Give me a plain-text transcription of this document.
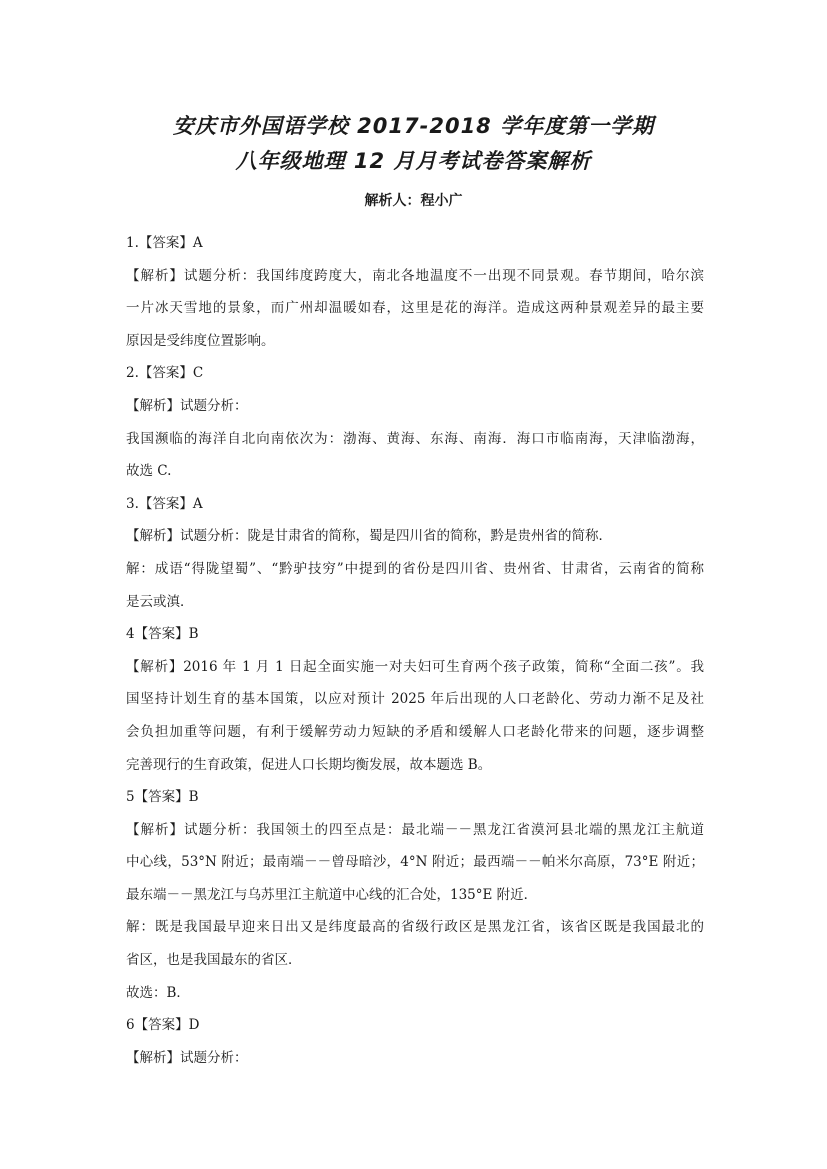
安庆市外国语学校 2017-2018 学年度第一学期
八年级地理 12 月月考试卷答案解析
解析人：程小广
1.【答案】A
【解析】试题分析：我国纬度跨度大，南北各地温度不一出现不同景观。春节期间，哈尔滨
一片冰天雪地的景象，而广州却温暖如春，这里是花的海洋。造成这两种景观差异的最主要
原因是受纬度位置影响。
2.【答案】C
【解析】试题分析：
我国濒临的海洋自北向南依次为：渤海、黄海、东海、南海．海口市临南海，天津临渤海，
故选 C.
3.【答案】A
【解析】试题分析：陇是甘肃省的简称，蜀是四川省的简称，黔是贵州省的简称．
解：成语“得陇望蜀”、“黔驴技穷”中提到的省份是四川省、贵州省、甘肃省，云南省的简称
是云或滇．
4【答案】B
【解析】2016 年 1 月 1 日起全面实施一对夫妇可生育两个孩子政策，简称“全面二孩”。我
国坚持计划生育的基本国策，以应对预计 2025 年后出现的人口老龄化、劳动力渐不足及社
会负担加重等问题，有利于缓解劳动力短缺的矛盾和缓解人口老龄化带来的问题，逐步调整
完善现行的生育政策，促进人口长期均衡发展，故本题选 B。
5【答案】B
【解析】试题分析：我国领土的四至点是：最北端－－黑龙江省漠河县北端的黑龙江主航道
中心线，53°N 附近；最南端－－曾母暗沙，4°N 附近；最西端－－帕米尔高原，73°E 附近；
最东端－－黑龙江与乌苏里江主航道中心线的汇合处，135°E 附近．
解：既是我国最早迎来日出又是纬度最高的省级行政区是黑龙江省，该省区既是我国最北的
省区，也是我国最东的省区．
故选：B．
6【答案】D
【解析】试题分析：
